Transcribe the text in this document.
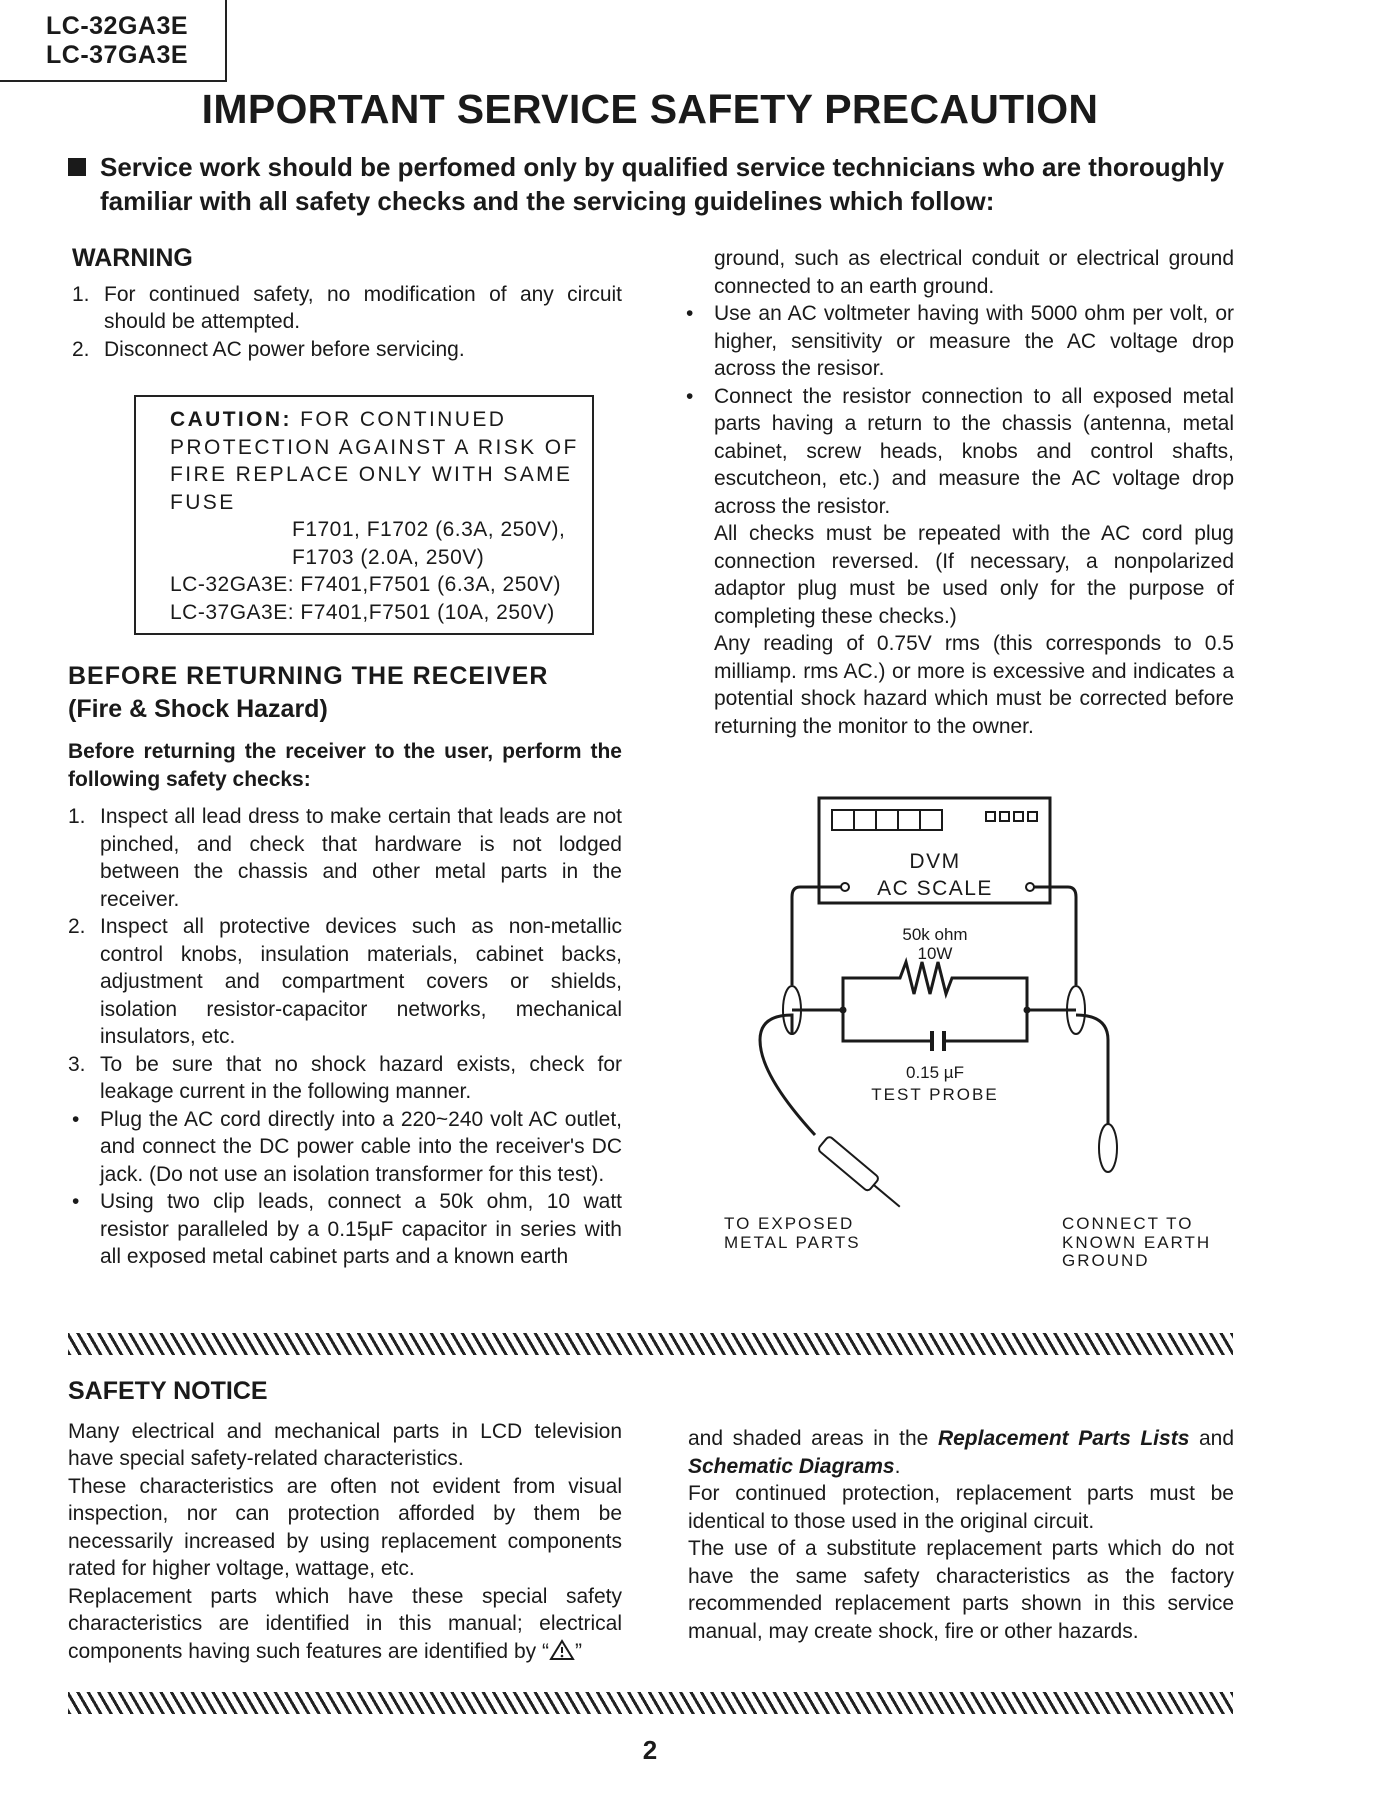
LC-32GA3E
LC-37GA3E
IMPORTANT SERVICE SAFETY PRECAUTION

Service work should be perfomed only by qualified service technicians who are thoroughly familiar with all safety checks and the servicing guidelines which follow:

WARNING

1. For continued safety, no modification of any circuit should be attempted.
2. Disconnect AC power before servicing.
CAUTION: FOR CONTINUED PROTECTION AGAINST A RISK OF FIRE REPLACE ONLY WITH SAME FUSE
F1701, F1702 (6.3A, 250V),
F1703 (2.0A, 250V)
LC-32GA3E: F7401,F7501 (6.3A, 250V)
LC-37GA3E: F7401,F7501 (10A, 250V)

BEFORE RETURNING THE RECEIVER

(Fire & Shock Hazard)

Before returning the receiver to the user, perform the following safety checks:

1. Inspect all lead dress to make certain that leads are not pinched, and check that hardware is not lodged between the chassis and other metal parts in the receiver.
2. Inspect all protective devices such as non-metallic control knobs, insulation materials, cabinet backs, adjustment and compartment covers or shields, isolation resistor-capacitor networks, mechanical insulators, etc.
3. To be sure that no shock hazard exists, check for leakage current in the following manner.

• Plug the AC cord directly into a 220~240 volt AC outlet, and connect the DC power cable into the receiver's DC jack. (Do not use an isolation transformer for this test).

• Using two clip leads, connect a 50k ohm, 10 watt resistor paralleled by a 0.15µF capacitor in series with all exposed metal cabinet parts and a known earth

ground, such as electrical conduit or electrical ground connected to an earth ground.

• Use an AC voltmeter having with 5000 ohm per volt, or higher, sensitivity or measure the AC voltage drop across the resisor.

• Connect the resistor connection to all exposed metal parts having a return to the chassis (antenna, metal cabinet, screw heads, knobs and control shafts, escutcheon, etc.) and measure the AC voltage drop across the resistor.

All checks must be repeated with the AC cord plug connection reversed. (If necessary, a nonpolarized adaptor plug must be used only for the purpose of completing these checks.)

Any reading of 0.75V rms (this corresponds to 0.5 milliamp. rms AC.) or more is excessive and indicates a potential shock hazard which must be corrected before returning the monitor to the owner.

DVM
AC SCALE
50k ohm
10W
0.15 µF
TEST PROBE
TO EXPOSED
METAL PARTS
CONNECT TO
KNOWN EARTH
GROUND

SAFETY NOTICE

Many electrical and mechanical parts in LCD television have special safety-related characteristics.

These characteristics are often not evident from visual inspection, nor can protection afforded by them be necessarily increased by using replacement components rated for higher voltage, wattage, etc.

Replacement parts which have these special safety characteristics are identified in this manual; electrical components having such features are identified by “ ”

and shaded areas in the Replacement Parts Lists and Schematic Diagrams.

For continued protection, replacement parts must be identical to those used in the original circuit.

The use of a substitute replacement parts which do not have the same safety characteristics as the factory recommended replacement parts shown in this service manual, may create shock, fire or other hazards.

2
